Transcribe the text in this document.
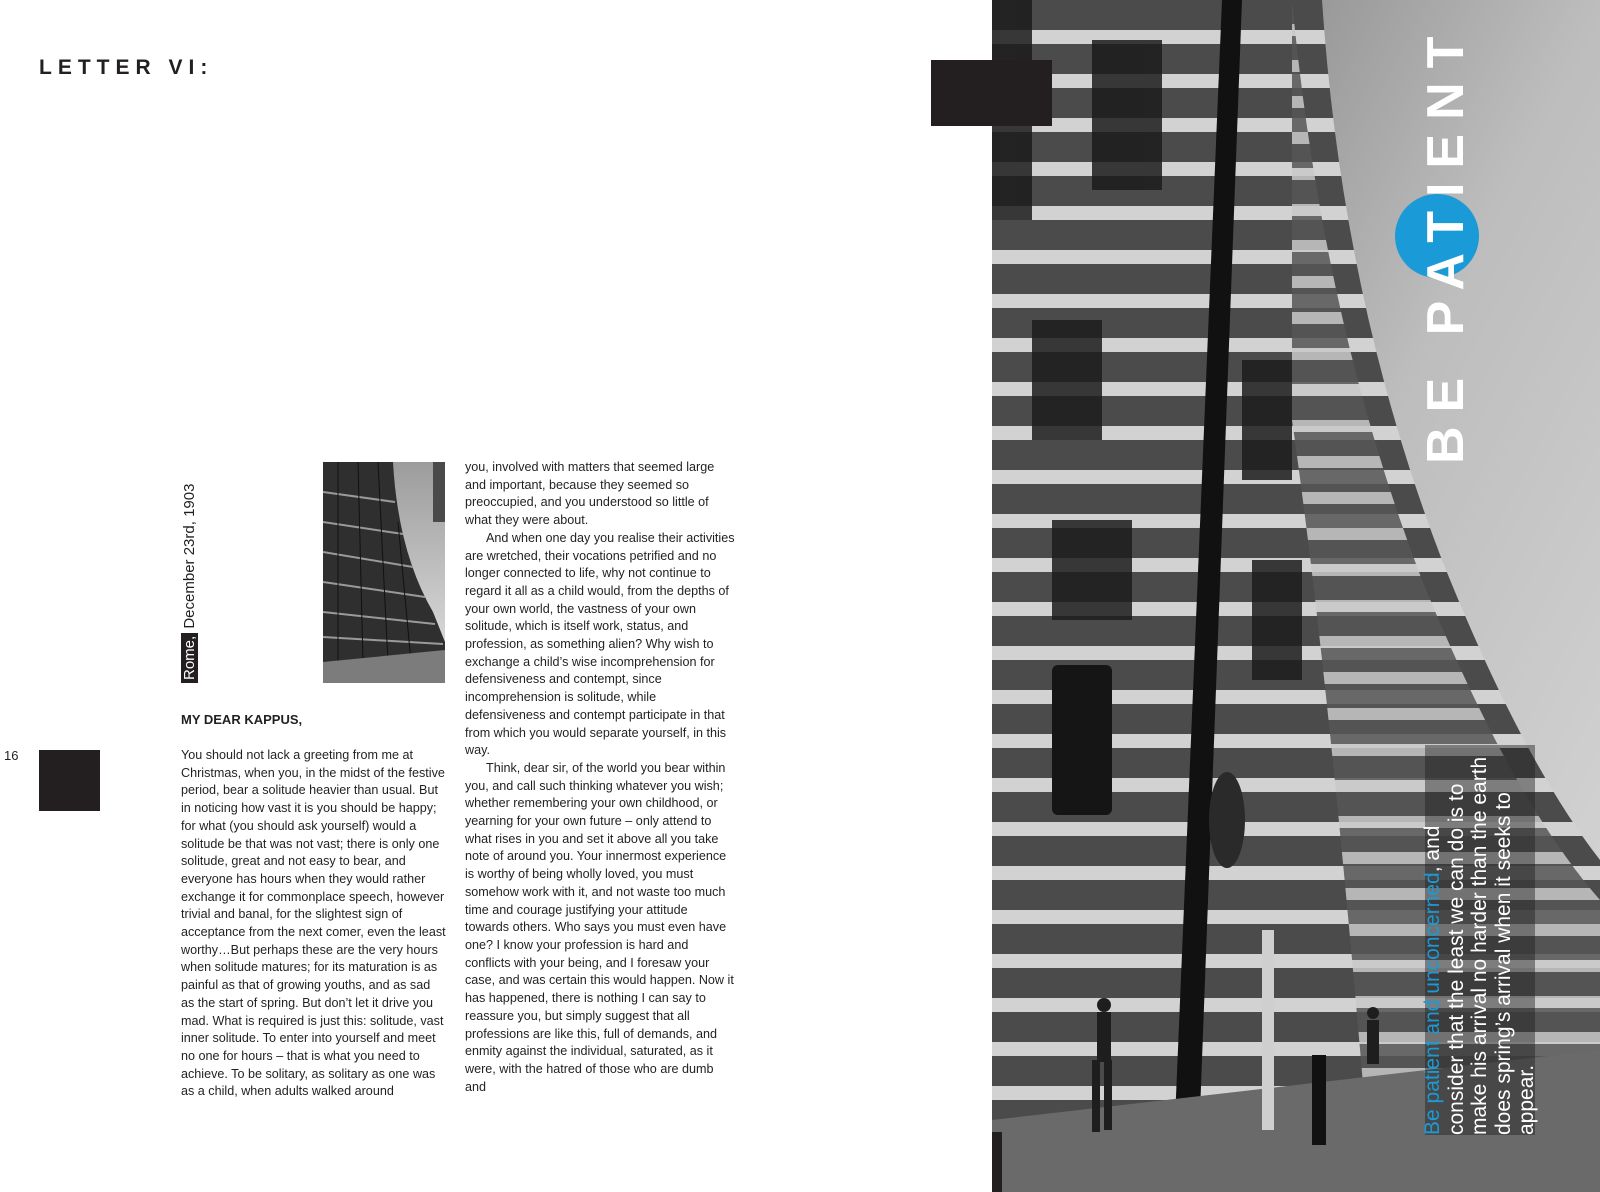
LETTER VI:
16
Rome, December 23rd, 1903
MY DEAR KAPPUS,

You should not lack a greeting from me at Christmas, when you, in the midst of the festive period, bear a solitude heavier than usual. But in noticing how vast it is you should be happy; for what (you should ask yourself) would a solitude be that was not vast; there is only one solitude, great and not easy to bear, and everyone has hours when they would rather exchange it for commonplace speech, however trivial and banal, for the slightest sign of acceptance from the next comer, even the least worthy…But perhaps these are the very hours when solitude matures; for its maturation is as painful as that of growing youths, and as sad as the start of spring. But don’t let it drive you mad. What is required is just this: solitude, vast inner solitude. To enter into yourself and meet no one for hours – that is what you need to achieve. To be solitary, as solitary as one was as a child, when adults walked around

you, involved with matters that seemed large and important, because they seemed so preoccupied, and you understood so little of what they were about.

And when one day you realise their activities are wretched, their vocations petrified and no longer connected to life, why not continue to regard it all as a child would, from the depths of your own world, the vastness of your own solitude, which is itself work, status, and profession, as something alien? Why wish to exchange a child’s wise incomprehension for defensiveness and contempt, since incomprehension is solitude, while defensiveness and contempt participate in that from which you would separate yourself, in this way.

Think, dear sir, of the world you bear within you, and call such thinking whatever you wish; whether remembering your own childhood, or yearning for your own future – only attend to what rises in you and set it above all you take note of around you. Your innermost experience is worthy of being wholly loved, you must somehow work with it, and not waste too much time and courage justifying your attitude towards others. Who says you must even have one? I know your profession is hard and conflicts with your being, and I foresaw your case, and was certain this would happen. Now it has happened, there is nothing I can say to reassure you, but simply suggest that all professions are like this, full of demands, and enmity against the individual, saturated, as it were, with the hatred of those who are dumb and

BE PATIENT
Be patient and unconcerned, and consider that the least we can do is to make his arrival no harder than the earth does spring’s arrival when it seeks to appear.
